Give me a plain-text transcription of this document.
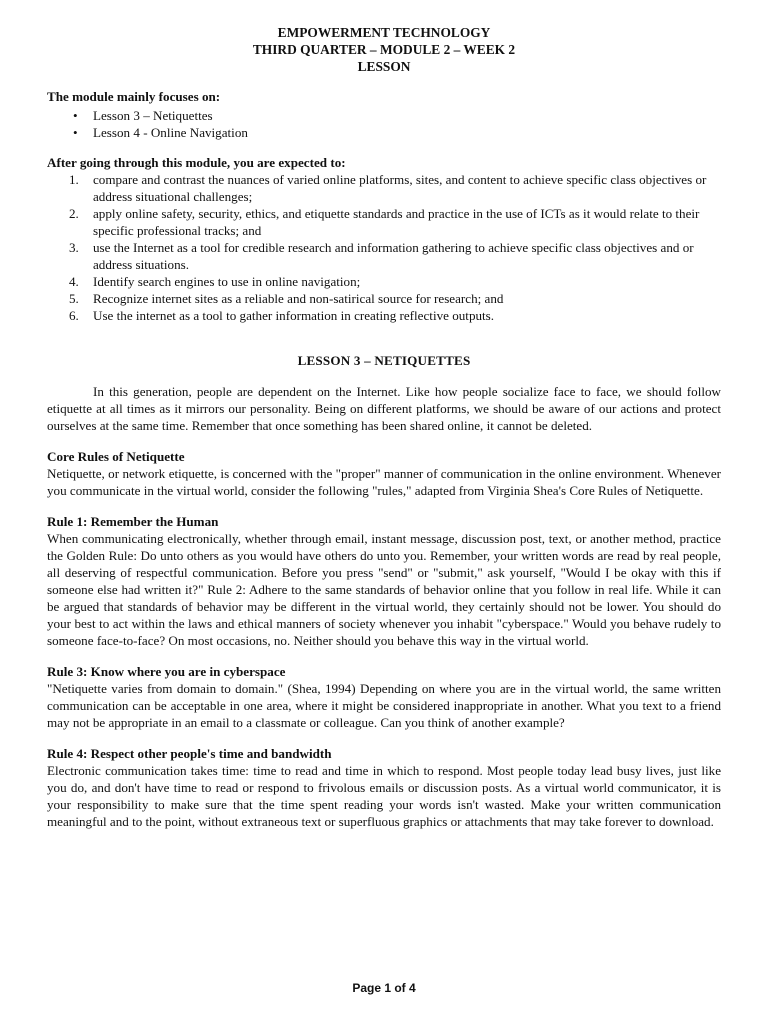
EMPOWERMENT TECHNOLOGY
THIRD QUARTER – MODULE 2 – WEEK 2
LESSON
The module mainly focuses on:
• Lesson 3 – Netiquettes
• Lesson 4 - Online Navigation
After going through this module, you are expected to:
1. compare and contrast the nuances of varied online platforms, sites, and content to achieve specific class objectives or address situational challenges;
2. apply online safety, security, ethics, and etiquette standards and practice in the use of ICTs as it would relate to their specific professional tracks; and
3. use the Internet as a tool for credible research and information gathering to achieve specific class objectives and or address situations.
4. Identify search engines to use in online navigation;
5. Recognize internet sites as a reliable and non-satirical source for research; and
6. Use the internet as a tool to gather information in creating reflective outputs.
LESSON 3 – NETIQUETTES

In this generation, people are dependent on the Internet. Like how people socialize face to face, we should follow etiquette at all times as it mirrors our personality. Being on different platforms, we should be aware of our actions and protect ourselves at the same time. Remember that once something has been shared online, it cannot be deleted.

Core Rules of Netiquette

Netiquette, or network etiquette, is concerned with the "proper" manner of communication in the online environment. Whenever you communicate in the virtual world, consider the following "rules," adapted from Virginia Shea's Core Rules of Netiquette.

Rule 1: Remember the Human

When communicating electronically, whether through email, instant message, discussion post, text, or another method, practice the Golden Rule: Do unto others as you would have others do unto you. Remember, your written words are read by real people, all deserving of respectful communication. Before you press "send" or "submit," ask yourself, "Would I be okay with this if someone else had written it?" Rule 2: Adhere to the same standards of behavior online that you follow in real life. While it can be argued that standards of behavior may be different in the virtual world, they certainly should not be lower. You should do your best to act within the laws and ethical manners of society whenever you inhabit "cyberspace." Would you behave rudely to someone face-to-face? On most occasions, no. Neither should you behave this way in the virtual world.

Rule 3: Know where you are in cyberspace

"Netiquette varies from domain to domain." (Shea, 1994) Depending on where you are in the virtual world, the same written communication can be acceptable in one area, where it might be considered inappropriate in another. What you text to a friend may not be appropriate in an email to a classmate or colleague. Can you think of another example?

Rule 4: Respect other people's time and bandwidth

Electronic communication takes time: time to read and time in which to respond. Most people today lead busy lives, just like you do, and don't have time to read or respond to frivolous emails or discussion posts. As a virtual world communicator, it is your responsibility to make sure that the time spent reading your words isn't wasted. Make your written communication meaningful and to the point, without extraneous text or superfluous graphics or attachments that may take forever to download.

Page 1 of 4
